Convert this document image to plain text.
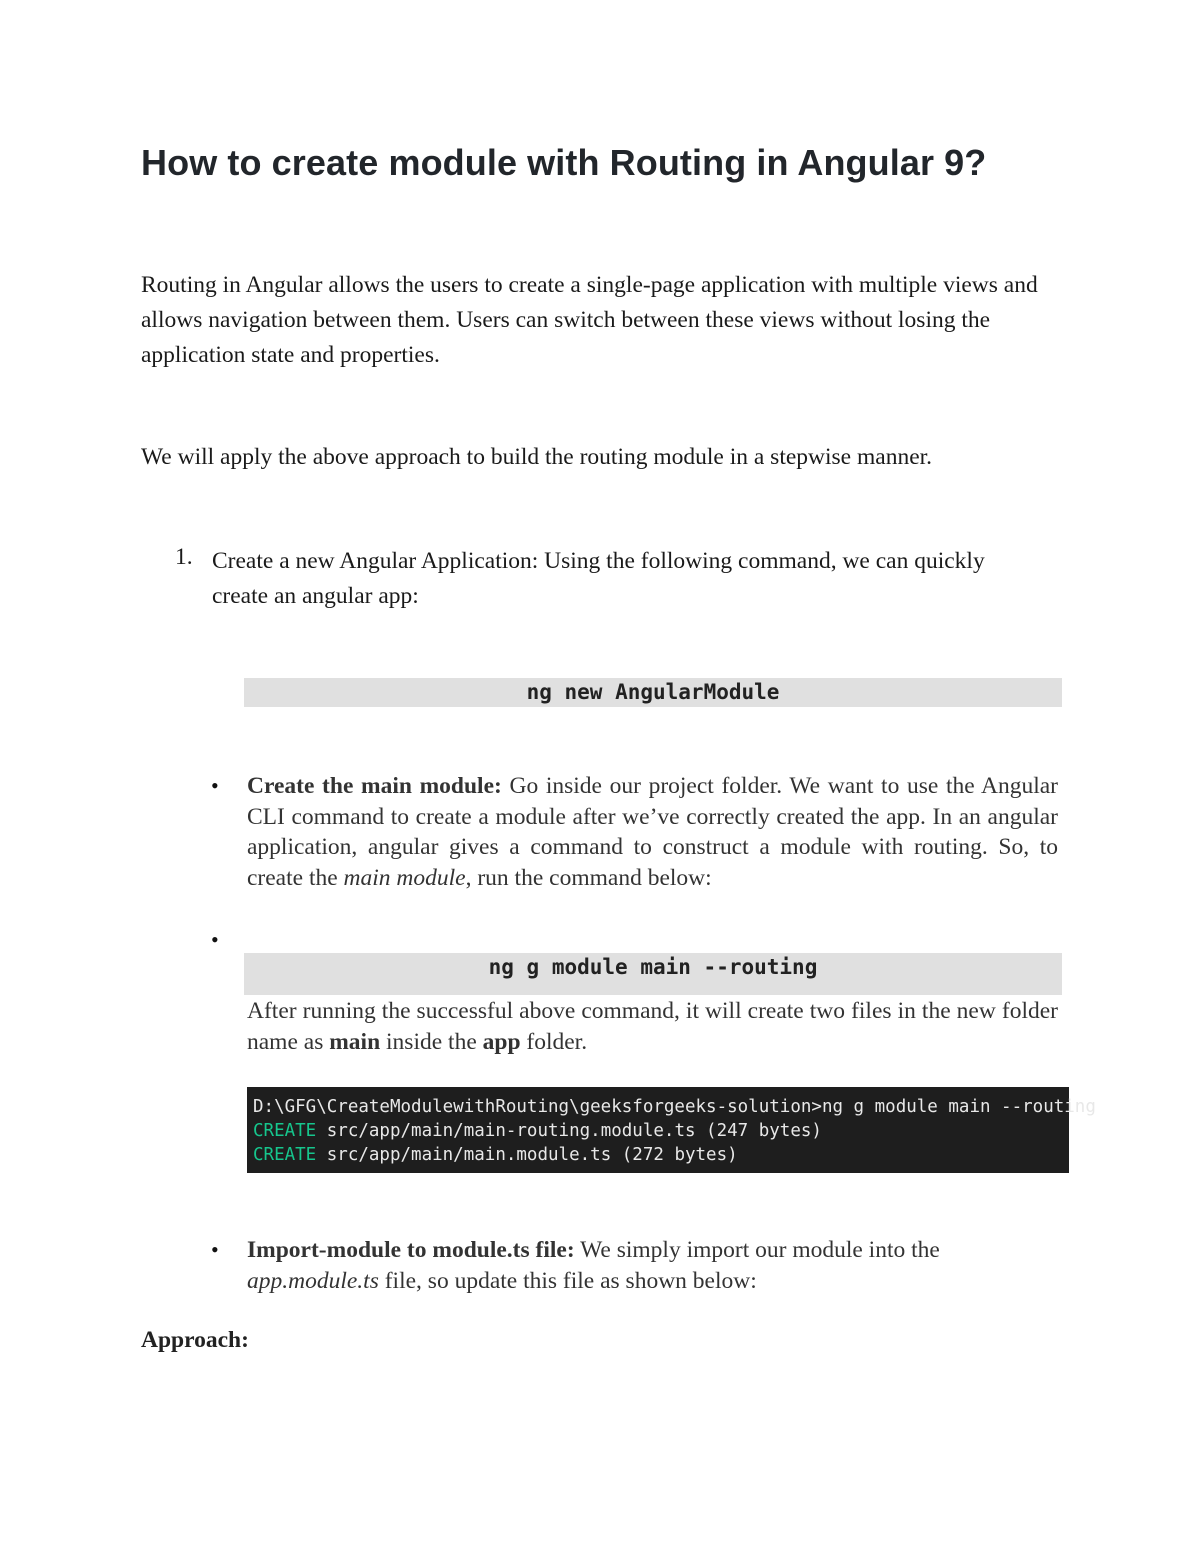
How to create module with Routing in Angular 9?

Routing in Angular allows the users to create a single-page application with multiple views and allows navigation between them. Users can switch between these views without losing the application state and properties.

We will apply the above approach to build the routing module in a stepwise manner.

1. Create a new Angular Application: Using the following command, we can quickly create an angular app:

ng new AngularModule
• Create the main module: Go inside our project folder. We want to use the Angular CLI command to create a module after we’ve correctly created the app. In an angular application, angular gives a command to construct a module with routing. So, to create the main module, run the command below:

•
ng g module main --routing

After running the successful above command, it will create two files in the new folder name as main inside the app folder.

D:\GFG\CreateModulewithRouting\geeksforgeeks-solution>ng g module main --routing
CREATE src/app/main/main-routing.module.ts (247 bytes)
CREATE src/app/main/main.module.ts (272 bytes)
• Import-module to module.ts file: We simply import our module into the app.module.ts file, so update this file as shown below:

Approach:
